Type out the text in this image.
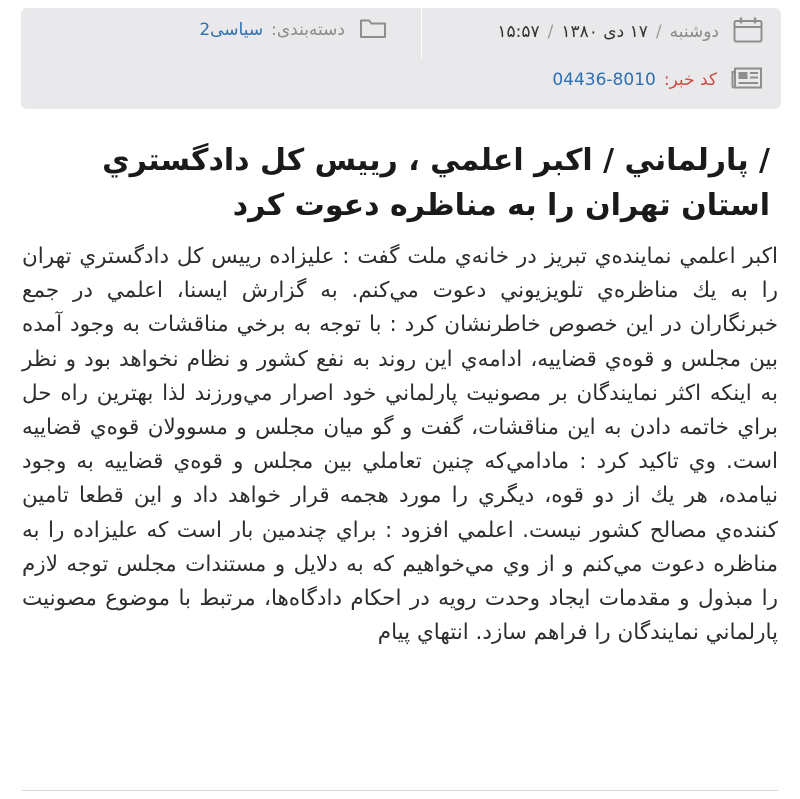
دوشنبه
/
۱۷ دی ۱۳۸۰
/
۱۵:۵۷
دسته‌بندی:
سیاسی2
کد خبر:
04436-8010
/ پارلماني / اكبر اعلمي ، رييس كل دادگستري استان تهران را به مناظره دعوت كرد

اكبر اعلمي نماينده‌ي تبريز در خانه‌ي ملت گفت : عليزاده رييس كل دادگستري تهران را به يك مناظره‌ي تلويزيوني دعوت مي‌كنم. به گزارش ايسنا، اعلمي در جمع خبرنگاران در اين خصوص خاطرنشان كرد : با توجه به برخي مناقشات به وجود آمده بين مجلس و قوه‌ي قضاييه، ادامه‌ي اين روند به نفع كشور و نظام نخواهد بود و نظر به اينكه اكثر نمايندگان بر مصونيت پارلماني خود اصرار مي‌ورزند لذا بهترين راه حل براي خاتمه دادن به اين مناقشات، گفت و گو ميان مجلس و مسوولان قوه‌ي قضاييه است. وي تاكيد كرد : مادامي‌كه چنين تعاملي بين مجلس و قوه‌ي قضاييه به وجود نيامده، هر يك از دو قوه، ديگري را مورد هجمه قرار خواهد داد و اين قطعا تامين كننده‌ي مصالح كشور نيست. اعلمي افزود : براي چندمين بار است كه عليزاده را به مناظره دعوت مي‌كنم و از وي مي‌خواهيم كه به دلايل و مستندات مجلس توجه لازم را مبذول و مقدمات ايجاد وحدت رويه در احكام دادگاه‌ها، مرتبط با موضوع مصونيت پارلماني نمايندگان را فراهم سازد. انتهاي پيام
